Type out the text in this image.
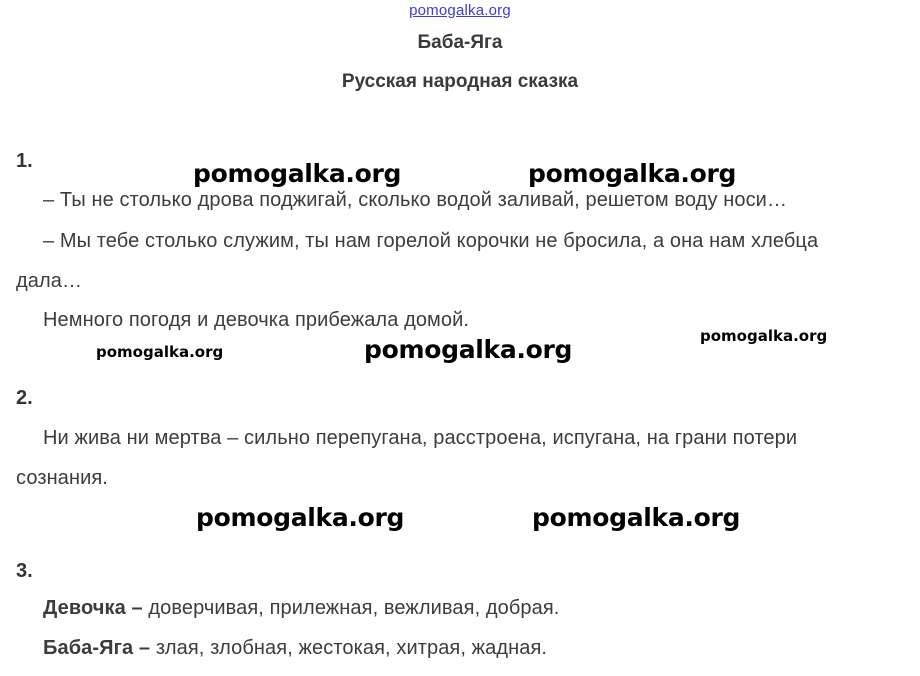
pomogalka.org
Баба-Яга
Русская народная сказка
1.
– Ты не столько дрова поджигай, сколько водой заливай, решетом воду носи…
– Мы тебе столько служим, ты нам горелой корочки не бросила, а она нам хлебца
дала…
Немного погодя и девочка прибежала домой.
2.
Ни жива ни мертва – сильно перепугана, расстроена, испугана, на грани потери
сознания.
3.
Девочка – доверчивая, прилежная, вежливая, добрая.
Баба-Яга – злая, злобная, жестокая, хитрая, жадная.
pomogalka.org	pomogalka.org
pomogalka.org
pomogalka.org	pomogalka.org
pomogalka.org	pomogalka.org
